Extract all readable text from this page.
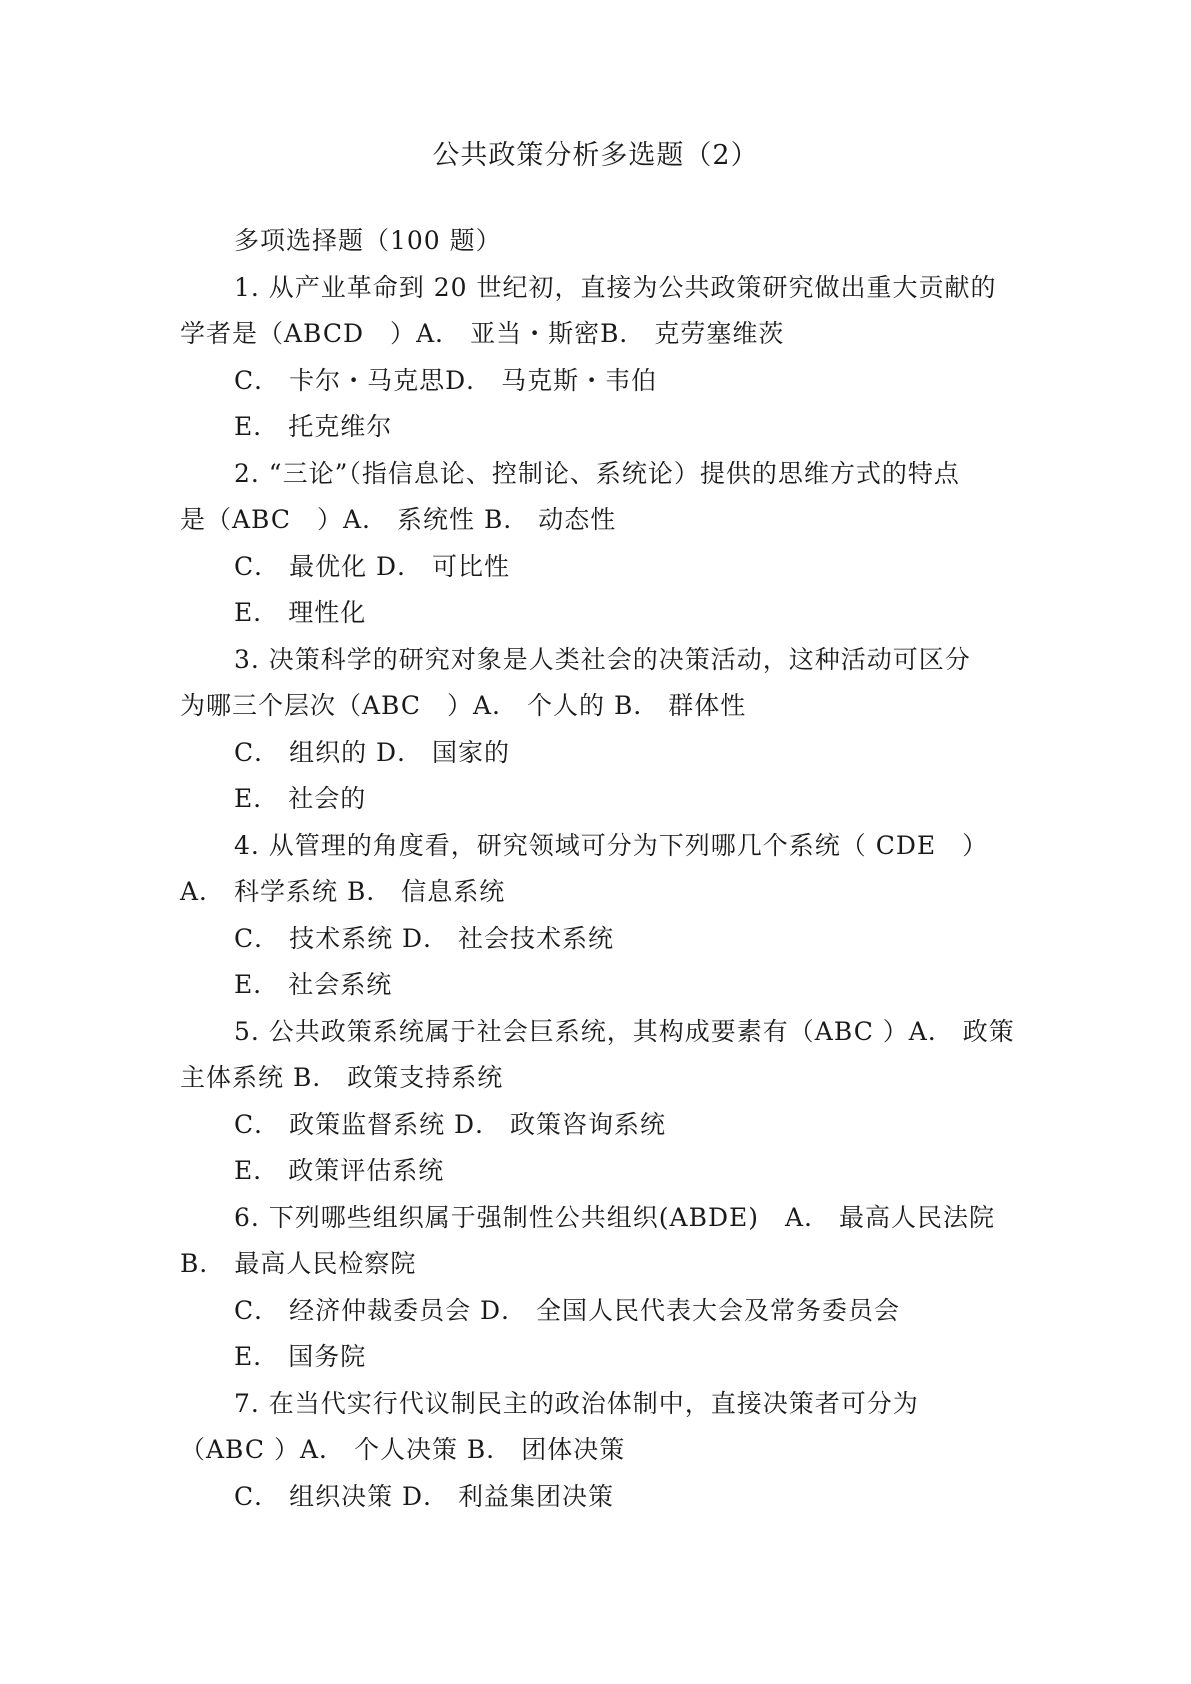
公共政策分析多选题（2）
多项选择题（100 题）
1. 从产业革命到 20 世纪初，直接为公共政策研究做出重大贡献的
学者是（ABCD　）A． 亚当・斯密B． 克劳塞维茨
C． 卡尔・马克思D． 马克斯・韦伯
E． 托克维尔
2. “三论”（指信息论、控制论、系统论）提供的思维方式的特点
是（ABC　）A． 系统性 B． 动态性
C． 最优化 D． 可比性
E． 理性化
3. 决策科学的研究对象是人类社会的决策活动，这种活动可区分
为哪三个层次（ABC　）A． 个人的 B． 群体性
C． 组织的 D． 国家的
E． 社会的
4. 从管理的角度看，研究领域可分为下列哪几个系统（ CDE　）
A． 科学系统 B． 信息系统
C． 技术系统 D． 社会技术系统
E． 社会系统
5. 公共政策系统属于社会巨系统，其构成要素有（ABC ）A． 政策
主体系统 B． 政策支持系统
C． 政策监督系统 D． 政策咨询系统
E． 政策评估系统
6. 下列哪些组织属于强制性公共组织(ABDE)　A． 最高人民法院
B． 最高人民检察院
C． 经济仲裁委员会 D． 全国人民代表大会及常务委员会
E． 国务院
7. 在当代实行代议制民主的政治体制中，直接决策者可分为
（ABC ）A． 个人决策 B． 团体决策
C． 组织决策 D． 利益集团决策
